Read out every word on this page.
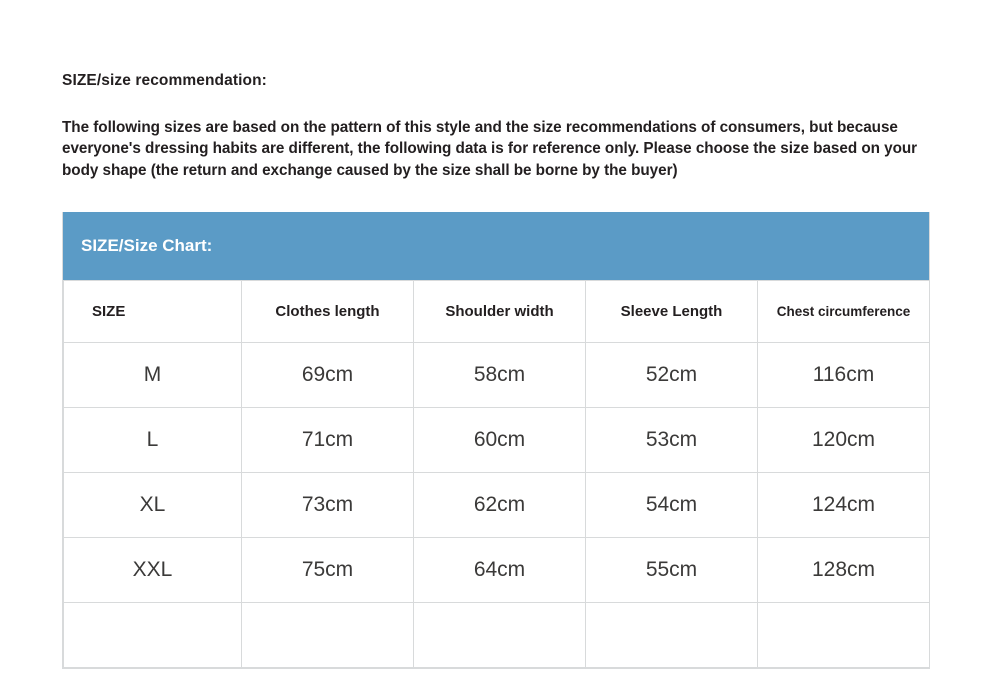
SIZE/size recommendation:

The following sizes are based on the pattern of this style and the size recommendations of consumers, but because everyone's dressing habits are different, the following data is for reference only. Please choose the size based on your body shape (the return and exchange caused by the size shall be borne by the buyer)

SIZE/Size Chart:
SIZE	Clothes length	Shoulder width	Sleeve Length	Chest circumference
M	69cm	58cm	52cm	116cm
L	71cm	60cm	53cm	120cm
XL	73cm	62cm	54cm	124cm
XXL	75cm	64cm	55cm	128cm
